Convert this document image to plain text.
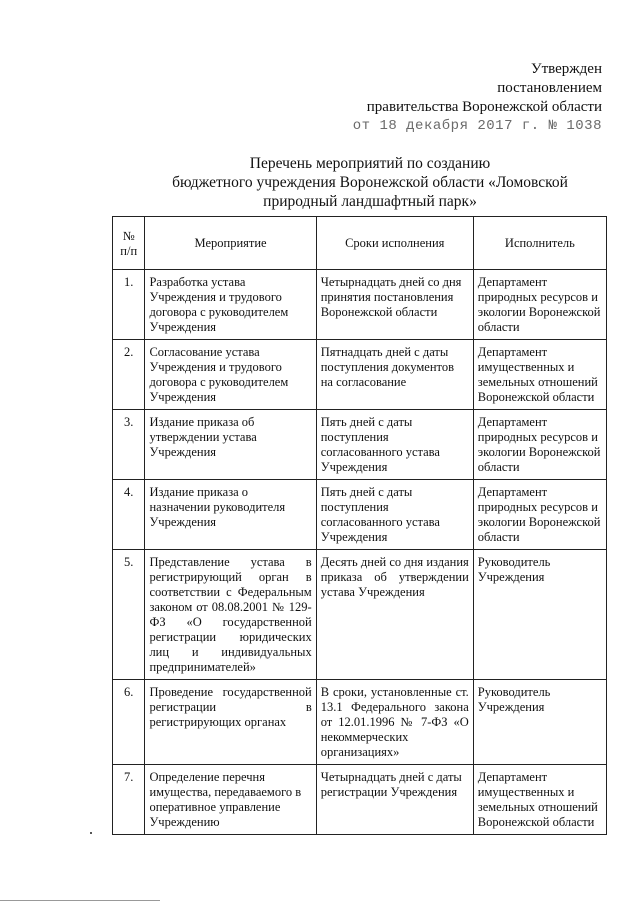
Утвержден
постановлением
правительства Воронежской области
от 18 декабря 2017 г. № 1038
Перечень мероприятий по созданию
бюджетного учреждения Воронежской области «Ломовской
природный ландшафтный парк»
№
п/п	Мероприятие	Сроки исполнения	Исполнитель
1.	Разработка устава Учреждения и трудового договора с руководителем Учреждения	Четырнадцать дней со дня принятия постановления Воронежской области	Департамент природных ресурсов и экологии Воронежской области
2.	Согласование устава Учреждения и трудового договора с руководителем Учреждения	Пятнадцать дней с даты поступления документов на согласование	Департамент имущественных и земельных отношений Воронежской области
3.	Издание приказа об утверждении устава Учреждения	Пять дней с даты поступления согласованного устава Учреждения	Департамент природных ресурсов и экологии Воронежской области
4.	Издание приказа о назначении руководителя Учреждения	Пять дней с даты поступления согласованного устава Учреждения	Департамент природных ресурсов и экологии Воронежской области
5.	Представление устава в регистрирующий орган в соответствии с Федеральным законом от 08.08.2001 № 129-ФЗ «О государственной регистрации юридических лиц и индивидуальных предпринимателей»	Десять дней со дня издания приказа об утверждении устава Учреждения	Руководитель Учреждения
6.	Проведение государственной регистрации в регистрирующих органах	В сроки, установленные ст. 13.1 Федерального закона от 12.01.1996 № 7-ФЗ «О некоммерческих организациях»	Руководитель Учреждения
7.	Определение перечня имущества, передаваемого в оперативное управление Учреждению	Четырнадцать дней с даты регистрации Учреждения	Департамент имущественных и земельных отношений Воронежской области
